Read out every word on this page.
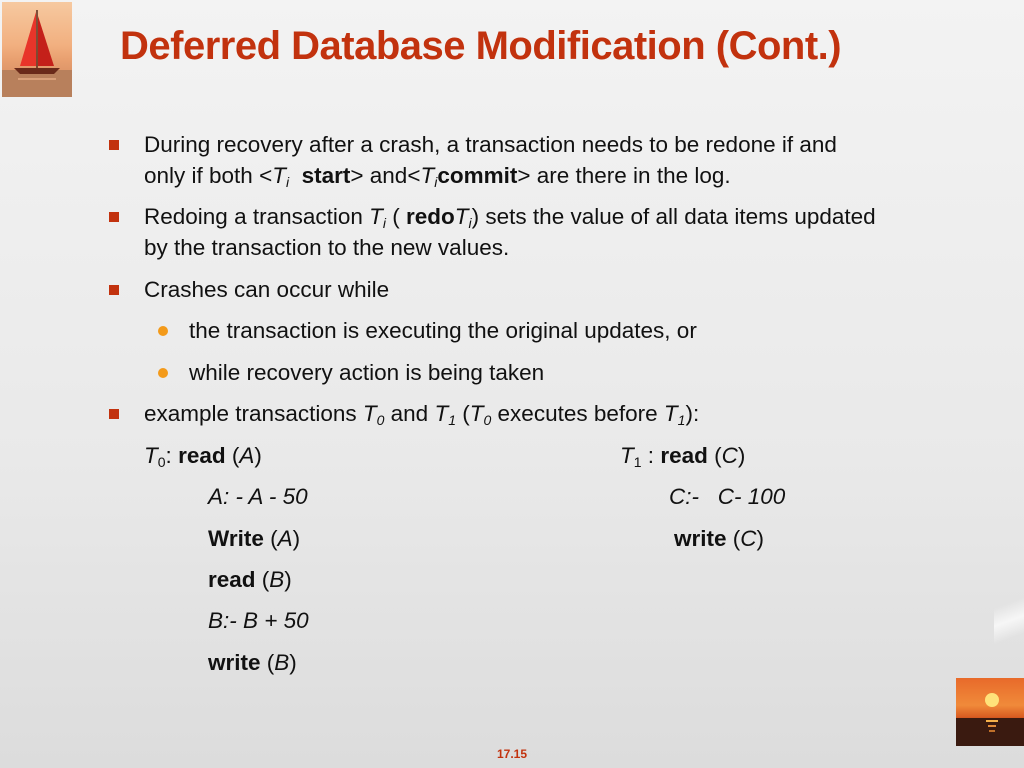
Deferred Database Modification (Cont.)
During recovery after a crash, a transaction needs to be redone if and
only if both $<T_i$ start> $and<T_icommit>$ are there in the log.
Redoing a transaction $T_i$ ( redoT$_i$) sets the value of all data items updated
by the transaction to the new values.
Crashes can occur while
the transaction is executing the original updates, or
while recovery action is being taken
example transactions $T_0$ and $T_1$ ($T_0$ executes before $T_1$):
$T_0$: read (A)
A: - A - 50
Write (A)
read (B)
B:- B + 50
write (B)
$T_1$ : read (C)
C:- C- 100
write (C)
17.15
